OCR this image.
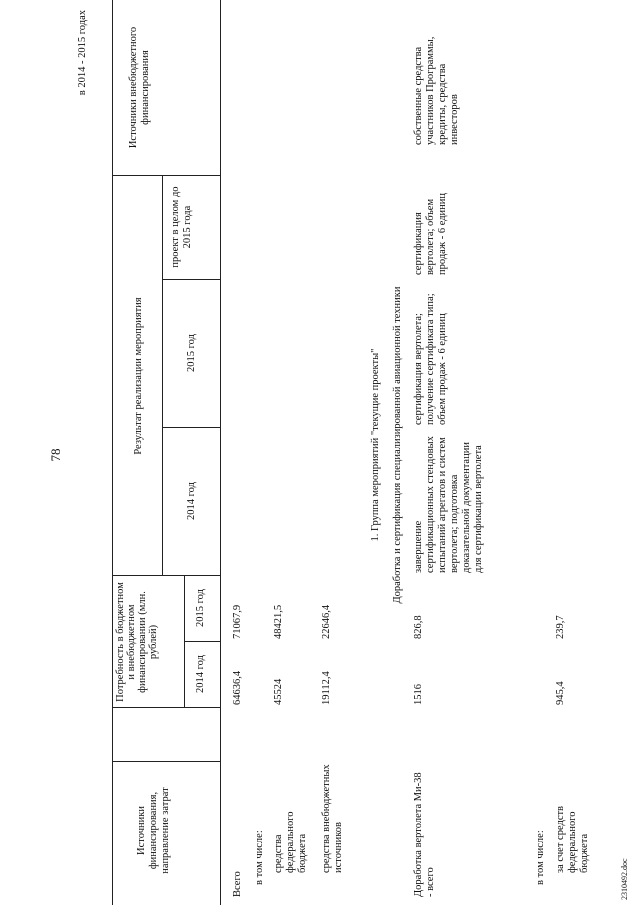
78
в 2014 - 2015 годах
Источники финансирования, направление затрат
Потребность в бюджетном и внебюджетном финансировании (млн. рублей)
2014 год
2015 год
Результат реализации мероприятия
2014 год
2015 год
проект в целом до 2015 года
Источники внебюджетного финансирования
Всего
64636,4
71067,9
в том числе: средства федерального бюджета
45524
48421,5
средства внебюджетных источников
19112,4
22646,4
1. Группа мероприятий "текущие проекты" Доработка и сертификация специализированной авиационной техники
Доработка вертолета Ми-38 - всего
1516
826,8
завершение сертификационных стендовых испытаний агрегатов и систем вертолета; подготовка доказательной документации для сертификации вертолета
сертификация вертолета; получение сертификата типа; объем продаж - 6 единиц
сертификация вертолета; объем продаж - 6 единиц
собственные средства участников Программы, кредиты, средства инвесторов
в том числе: за счет средств федерального бюджета
945,4
239,7
2310492.doc
